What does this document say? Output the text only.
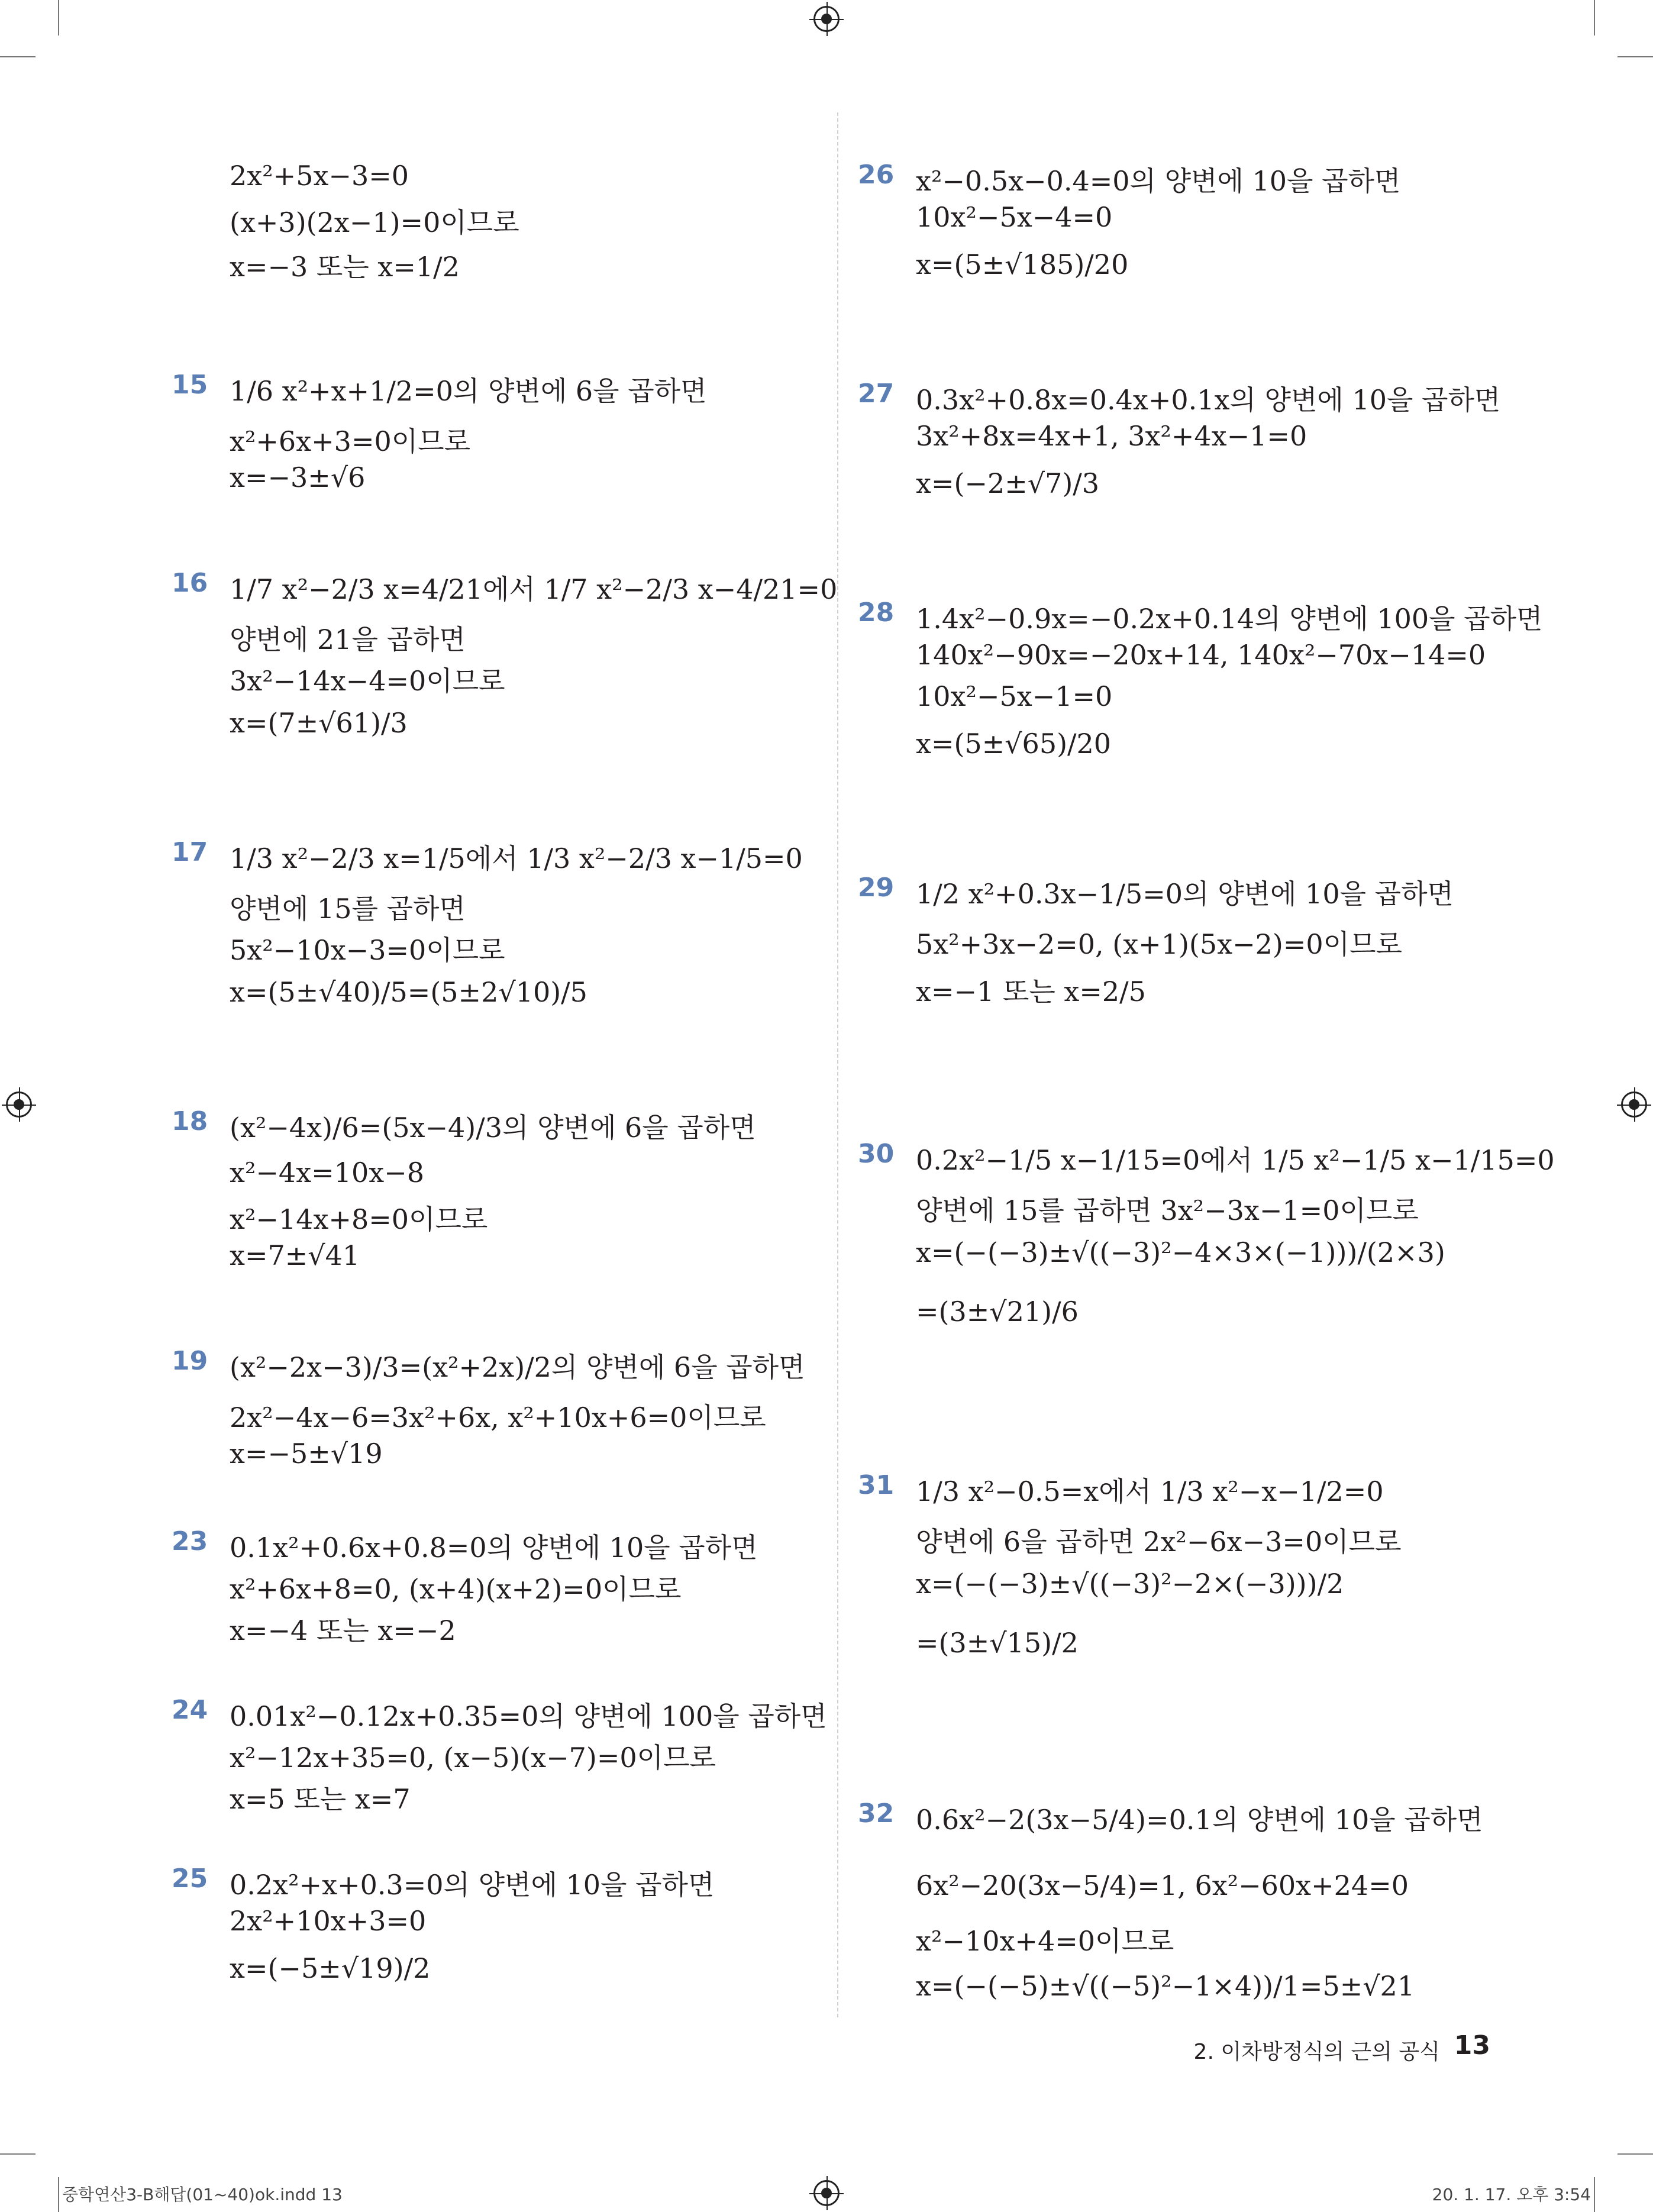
2x²+5x−3=0
(x+3)(2x−1)=0이므로
x=−3 또는 x=1/2
15 1/6 x²+x+1/2=0의 양변에 6을 곱하면
x²+6x+3=0이므로
x=−3±√6
16 1/7 x²−2/3 x=4/21에서 1/7 x²−2/3 x−4/21=0
양변에 21을 곱하면
3x²−14x−4=0이므로
x=(7±√61)/3
17 1/3 x²−2/3 x=1/5에서 1/3 x²−2/3 x−1/5=0
양변에 15를 곱하면
5x²−10x−3=0이므로
x=(5±√40)/5=(5±2√10)/5
18 (x²−4x)/6=(5x−4)/3의 양변에 6을 곱하면
x²−4x=10x−8
x²−14x+8=0이므로
x=7±√41
19 (x²−2x−3)/3=(x²+2x)/2의 양변에 6을 곱하면
2x²−4x−6=3x²+6x, x²+10x+6=0이므로
x=−5±√19
23 0.1x²+0.6x+0.8=0의 양변에 10을 곱하면
x²+6x+8=0, (x+4)(x+2)=0이므로
x=−4 또는 x=−2
24 0.01x²−0.12x+0.35=0의 양변에 100을 곱하면
x²−12x+35=0, (x−5)(x−7)=0이므로
x=5 또는 x=7
25 0.2x²+x+0.3=0의 양변에 10을 곱하면
2x²+10x+3=0
x=(−5±√19)/2
26 x²−0.5x−0.4=0의 양변에 10을 곱하면
10x²−5x−4=0
x=(5±√185)/20
27 0.3x²+0.8x=0.4x+0.1x의 양변에 10을 곱하면
3x²+8x=4x+1, 3x²+4x−1=0
x=(−2±√7)/3
28 1.4x²−0.9x=−0.2x+0.14의 양변에 100을 곱하면
140x²−90x=−20x+14, 140x²−70x−14=0
10x²−5x−1=0
x=(5±√65)/20
29 1/2 x²+0.3x−1/5=0의 양변에 10을 곱하면
5x²+3x−2=0, (x+1)(5x−2)=0이므로
x=−1 또는 x=2/5
30 0.2x²−1/5 x−1/15=0에서 1/5 x²−1/5 x−1/15=0
양변에 15를 곱하면 3x²−3x−1=0이므로
x=(−(−3)±√((−3)²−4×3×(−1)))/(2×3)
=(3±√21)/6
31 1/3 x²−0.5=x에서 1/3 x²−x−1/2=0
양변에 6을 곱하면 2x²−6x−3=0이므로
x=(−(−3)±√((−3)²−2×(−3)))/2
=(3±√15)/2
32 0.6x²−2(3x−5/4)=0.1의 양변에 10을 곱하면
6x²−20(3x−5/4)=1, 6x²−60x+24=0
x²−10x+4=0이므로
x=(−(−5)±√((−5)²−1×4))/1=5±√21
2. 이차방정식의 근의 공식 13
중학연산3-B해답(01~40)ok.indd 13	20. 1. 17. 오후 3:54
